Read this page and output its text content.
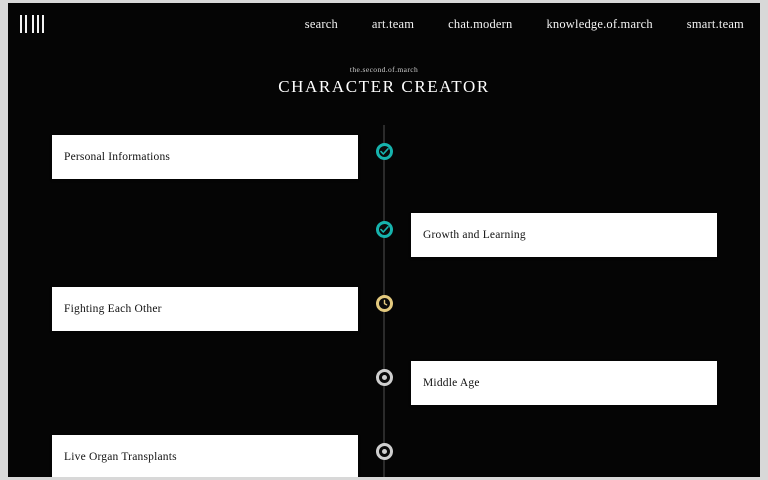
search	art.team	chat.modern	knowledge.of.march	smart.team
the.second.of.march
CHARACTER CREATOR
Personal Informations
Growth and Learning
Fighting Each Other
Middle Age
Live Organ Transplants
